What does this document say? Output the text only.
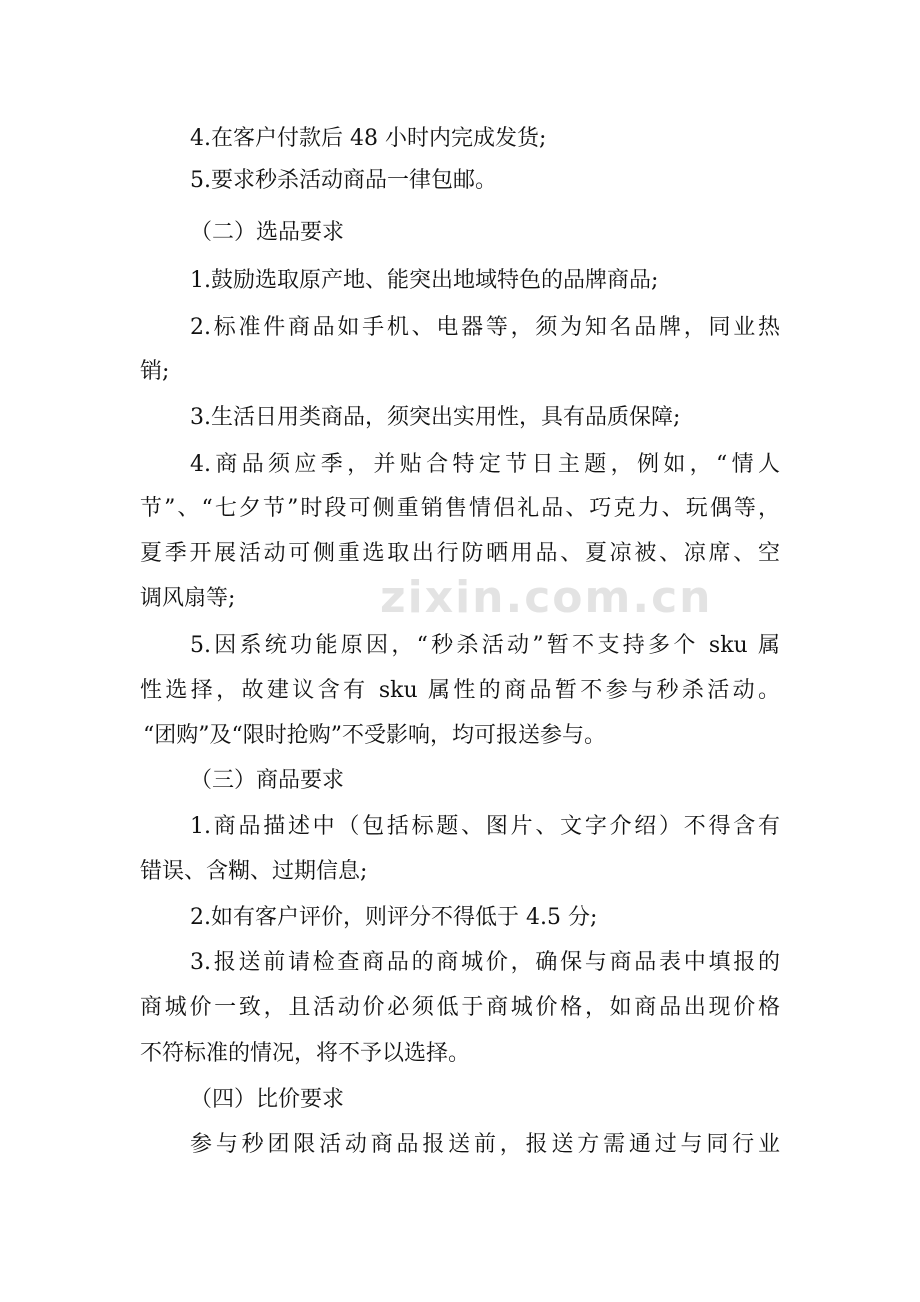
zixin.com.cn
4.在客户付款后 48 小时内完成发货;
5.要求秒杀活动商品一律包邮。
（二）选品要求
1.鼓励选取原产地、能突出地域特色的品牌商品;
2.标准件商品如手机、电器等，须为知名品牌，同业热
销;
3.生活日用类商品，须突出实用性，具有品质保障;
4.商品须应季，并贴合特定节日主题，例如，“情人
节”、“七夕节”时段可侧重销售情侣礼品、巧克力、玩偶等，
夏季开展活动可侧重选取出行防晒用品、夏凉被、凉席、空
调风扇等;
5.因系统功能原因，“秒杀活动”暂不支持多个 sku 属
性选择，故建议含有 sku 属性的商品暂不参与秒杀活动。
“团购”及“限时抢购”不受影响，均可报送参与。
（三）商品要求
1.商品描述中（包括标题、图片、文字介绍）不得含有
错误、含糊、过期信息;
2.如有客户评价，则评分不得低于 4.5 分;
3.报送前请检查商品的商城价，确保与商品表中填报的
商城价一致，且活动价必须低于商城价格，如商品出现价格
不符标准的情况，将不予以选择。
（四）比价要求
参与秒团限活动商品报送前，报送方需通过与同行业
